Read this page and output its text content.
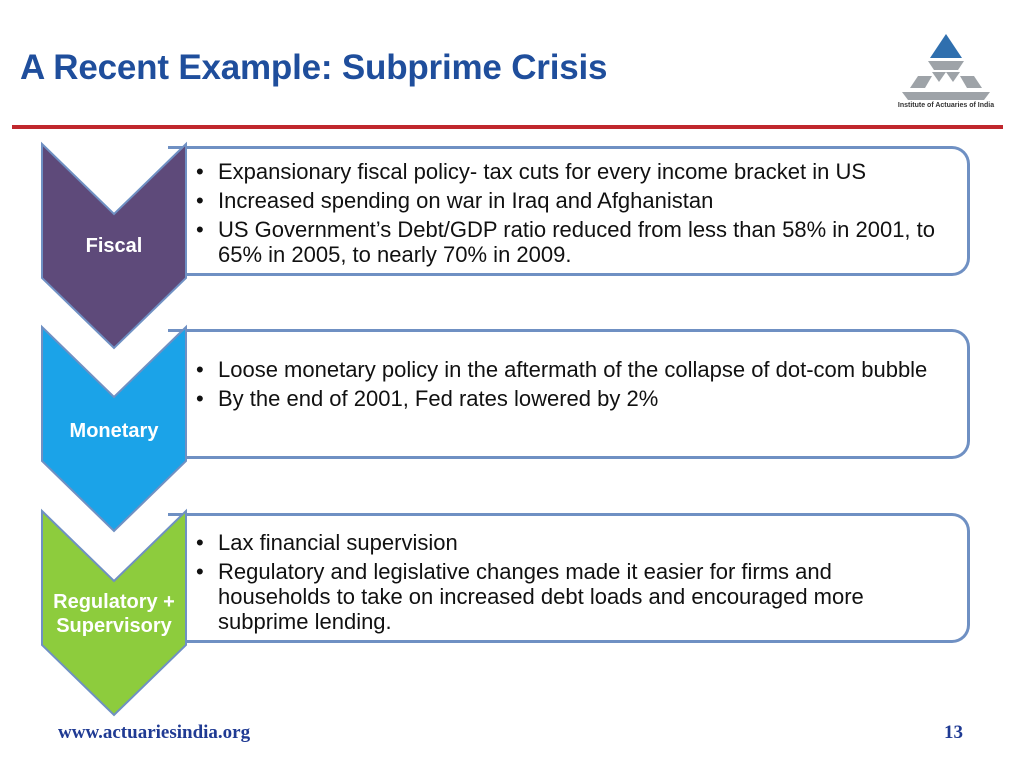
A Recent Example: Subprime Crisis
Institute of Actuaries of India
• Expansionary fiscal policy- tax cuts for every income bracket in US
• Increased spending on war in Iraq and Afghanistan
• US Government’s Debt/GDP ratio reduced from less than 58% in 2001, to 65% in 2005, to nearly 70% in 2009.
Fiscal
• Loose monetary policy in the aftermath of the collapse of dot-com bubble
• By the end of 2001, Fed rates lowered by 2%
Monetary
• Lax financial supervision
• Regulatory and legislative changes made it easier for firms and households to take on increased debt loads and encouraged more subprime lending.
Regulatory +
Supervisory
www.actuariesindia.org	13
